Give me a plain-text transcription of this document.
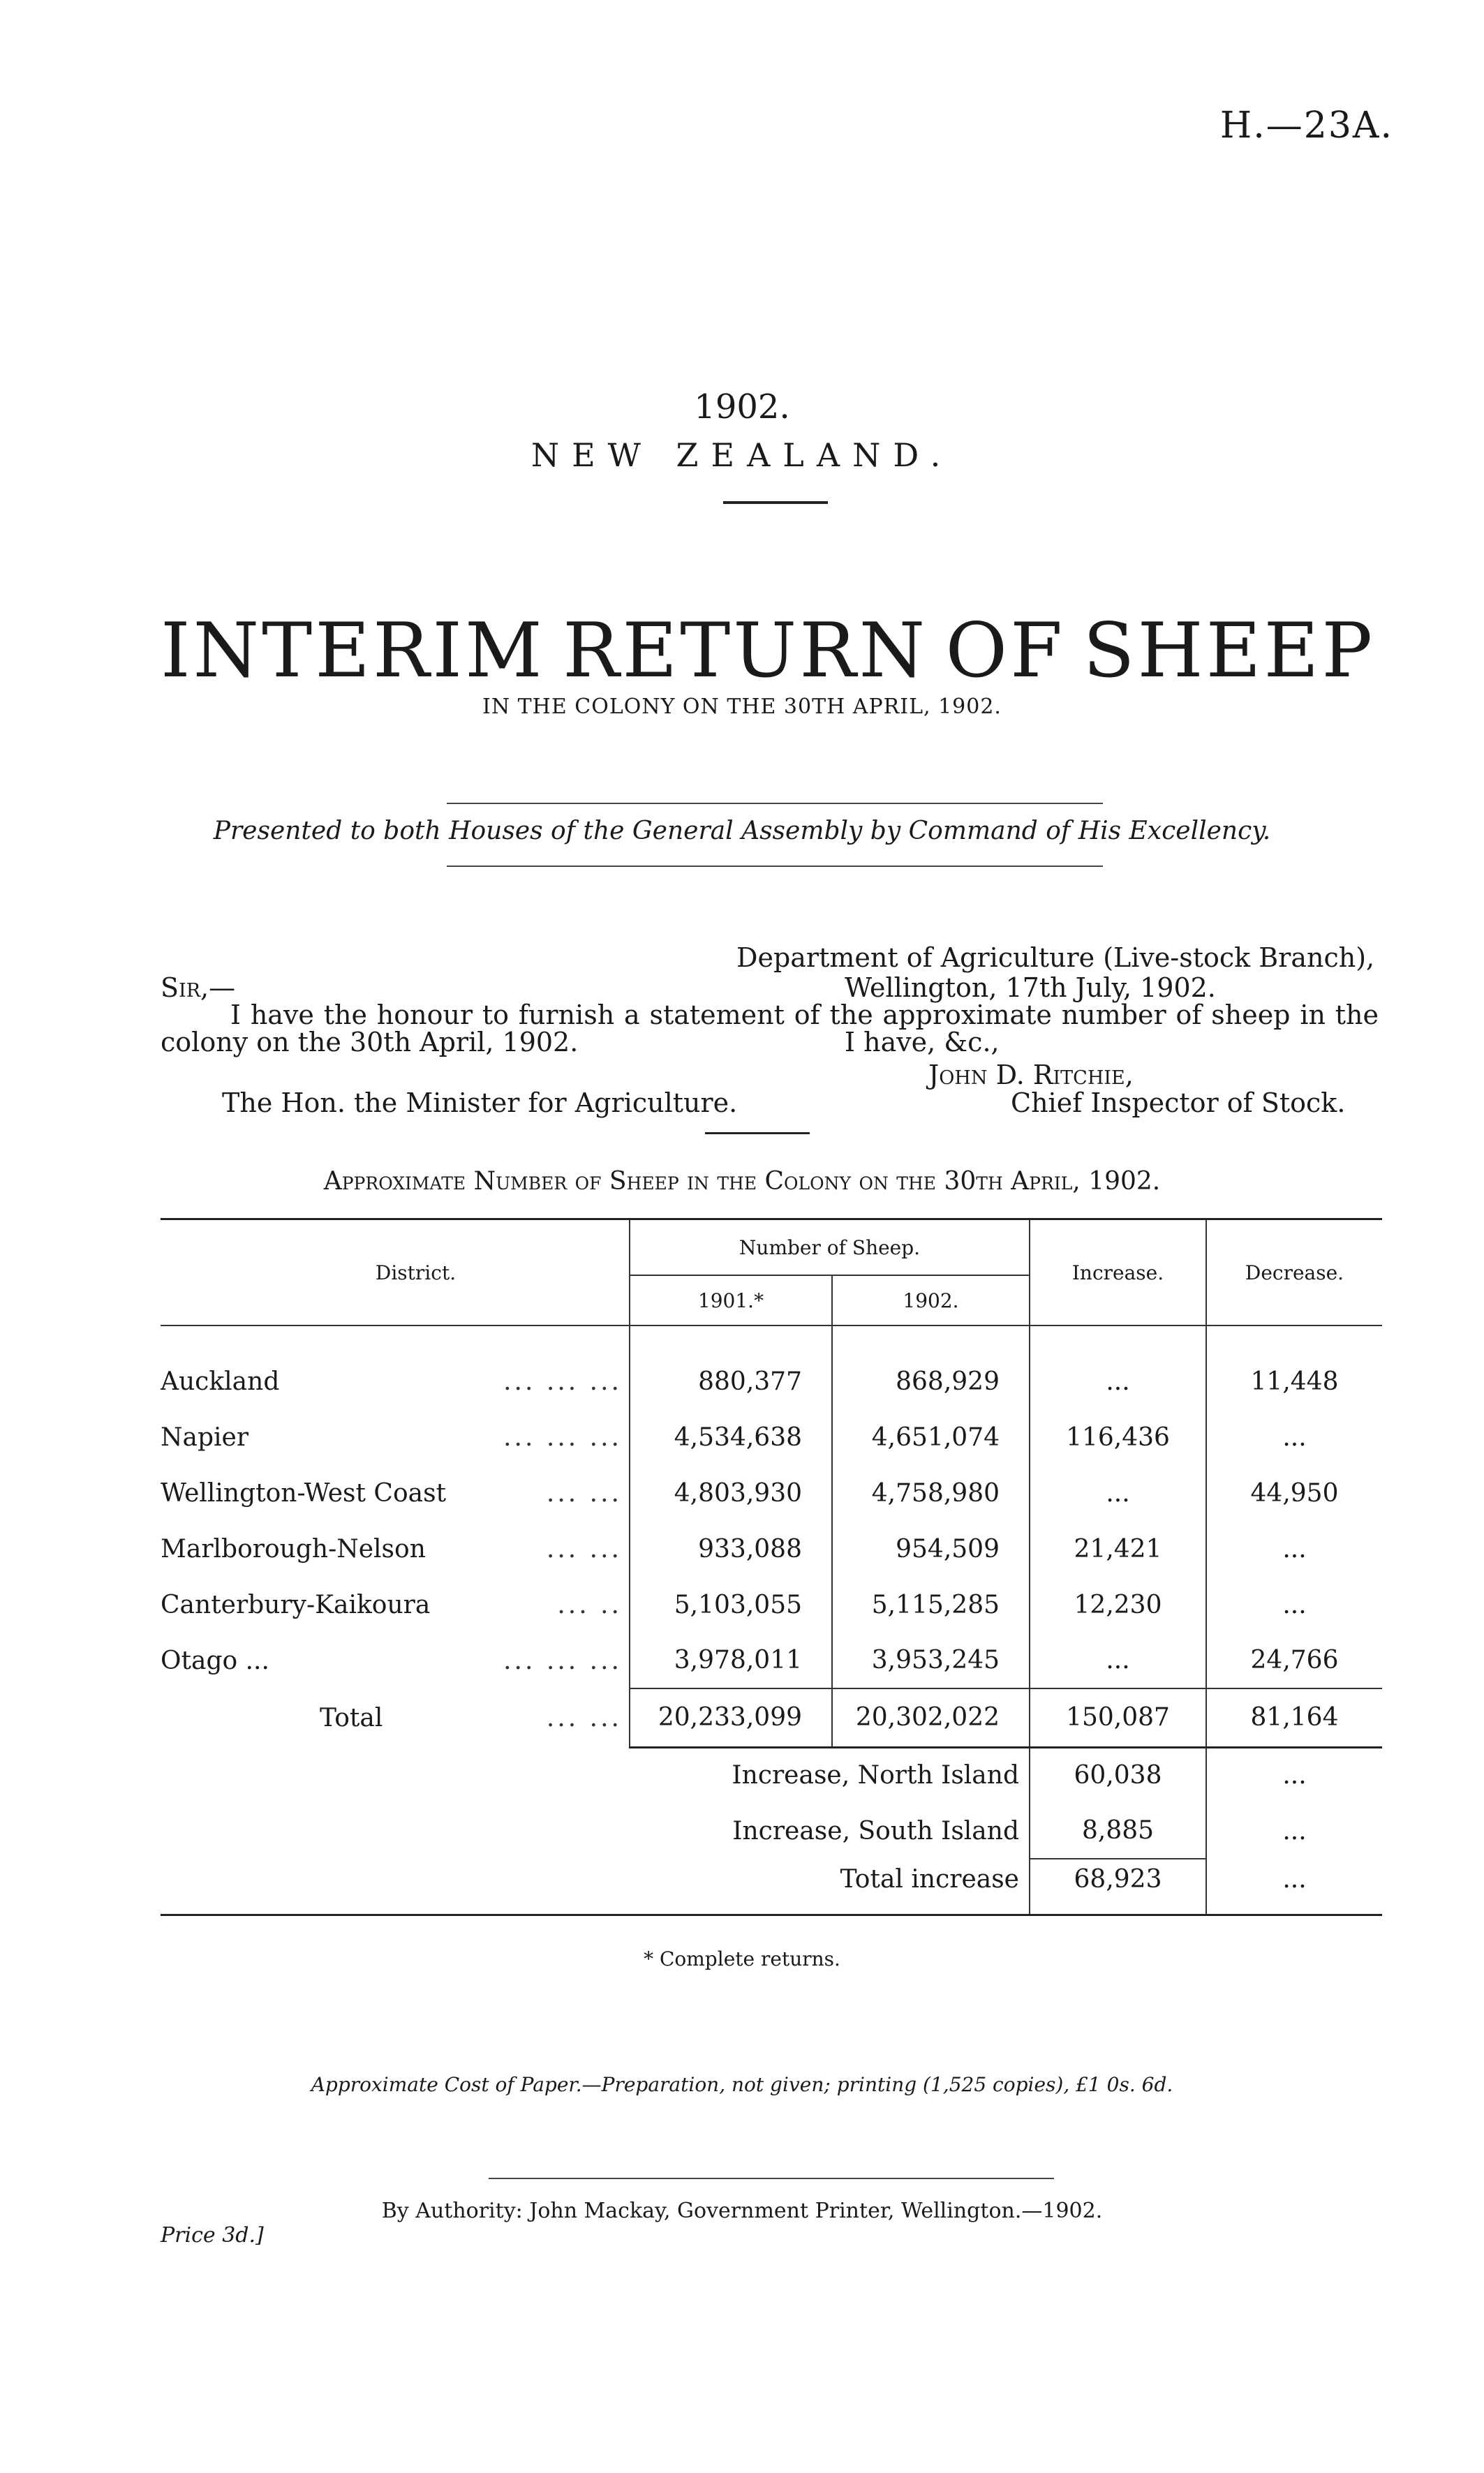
H.—23A.
1902.
NEW ZEALAND.
INTERIM RETURN OF SHEEP
IN THE COLONY ON THE 30TH APRIL, 1902.
Presented to both Houses of the General Assembly by Command of His Excellency.
Department of Agriculture (Live-stock Branch),
Wellington, 17th July, 1902.
Sir,—
I have the honour to furnish a statement of the approximate number of sheep in the
colony on the 30th April, 1902.	I have, &c.,
John D. Ritchie,
The Hon. the Minister for Agriculture.	Chief Inspector of Stock.
Approximate Number of Sheep in the Colony on the 30th April, 1902.
District.	Number of Sheep.		Increase.	Decrease.
	1901.*	1902.		

Auckland ... ... ...	880,377	868,929	...	11,448
Napier ... ... ...	4,534,638	4,651,074	116,436	...
Wellington-West Coast ... ...	4,803,930	4,758,980	...	44,950
Marlborough-Nelson ... ...	933,088	954,509	21,421	...
Canterbury-Kaikoura ... ..	5,103,055	5,115,285	12,230	...
Otago ... ... ... ...	3,978,011	3,953,245	...	24,766
Total ... ...	20,233,099	20,302,022	150,087	81,164
Increase, North Island			60,038	...
Increase, South Island			8,885	...
Total increase			68,923	...

* Complete returns.
Approximate Cost of Paper.—Preparation, not given; printing (1,525 copies), £1 0s. 6d.
By Authority: John Mackay, Government Printer, Wellington.—1902.
Price 3d.]
